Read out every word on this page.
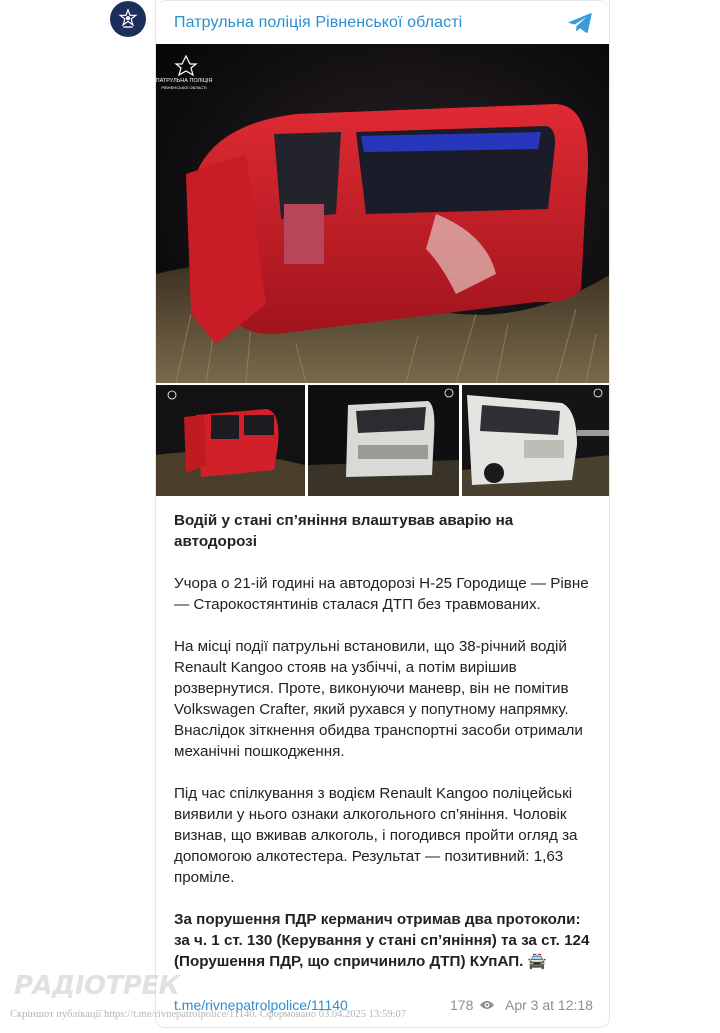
Патрульна поліція Рівненської області
ПАТРУЛЬНА ПОЛІЦІЯ
РІВНЕНСЬКОЇ ОБЛАСТІ

Водій у стані сп’яніння влаштував аварію на автодорозі

Учора о 21-ій годині на автодорозі Н-25 Городище — Рівне — Старокостянтинів сталася ДТП без травмованих.

На місці події патрульні встановили, що 38-річний водій Renault Kangoo стояв на узбіччі, а потім вирішив розвернутися. Проте, виконуючи маневр, він не помітив Volkswagen Crafter, який рухався у попутному напрямку. Внаслідок зіткнення обидва транспортні засоби отримали механічні пошкодження.

Під час спілкування з водієм Renault Kangoo поліцейські виявили у нього ознаки алкогольного сп’яніння. Чоловік визнав, що вживав алкоголь, і погодився пройти огляд за допомогою алкотестера. Результат — позитивний: 1,63 проміле.

За порушення ПДР керманич отримав два протоколи: за ч. 1 ст. 130 (Керування у стані сп’яніння) та за ст. 124 (Порушення ПДР, що спричинило ДТП) КУпАП. 🚔

t.me/rivnepatrolpolice/11140	178 Apr 3 at 12:18
РАДІОТРЕК
Скріншот публікації https://t.me/rivnepatrolpolice/11140. Сформовано 03.04.2025 13:59:07
